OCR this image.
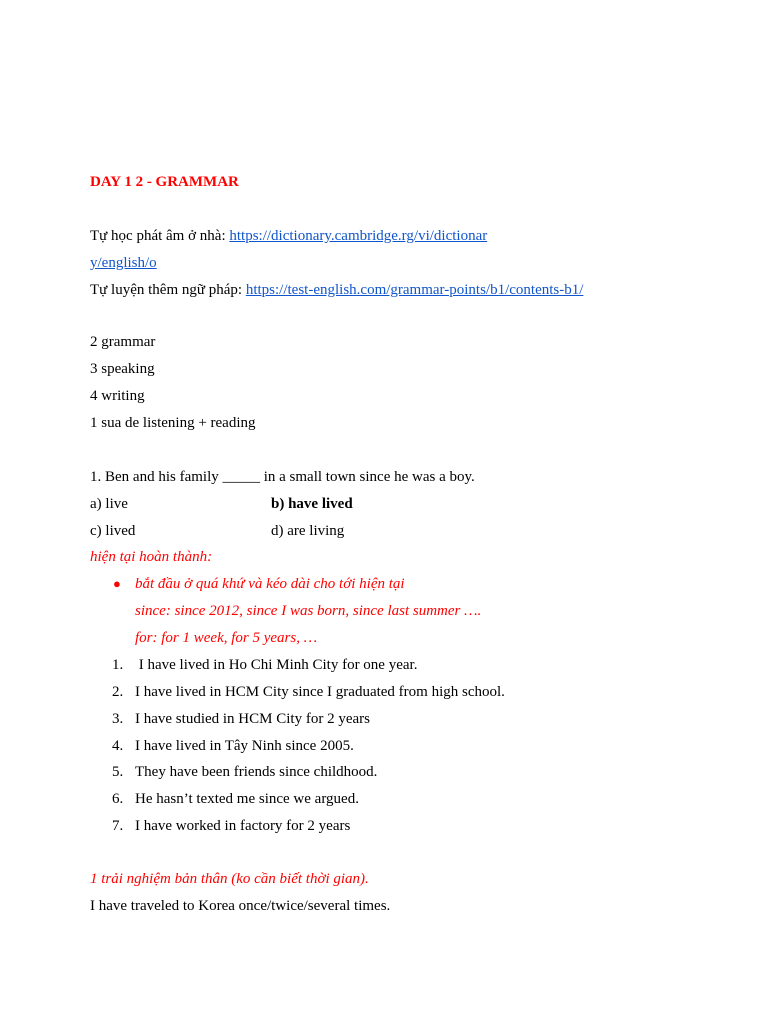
DAY 1 2 - GRAMMAR
Tự học phát âm ở nhà: https://dictionary.cambridge.rg/vi/dictionar
y/english/o
Tự luyện thêm ngữ pháp: https://test-english.com/grammar-points/b1/contents-b1/
2 grammar
3 speaking
4 writing
1 sua de listening + reading
1. Ben and his family _____ in a small town since he was a boy.
a) live	b) have lived
c) lived	d) are living
hiện tại hoàn thành:
● bắt đầu ở quá khứ và kéo dài cho tới hiện tại
since: since 2012, since I was born, since last summer ….
for: for 1 week, for 5 years, …
1. I have lived in Ho Chi Minh City for one year.
2. I have lived in HCM City since I graduated from high school.
3. I have studied in HCM City for 2 years
4. I have lived in Tây Ninh since 2005.
5. They have been friends since childhood.
6. He hasn’t texted me since we argued.
7. I have worked in factory for 2 years
1 trải nghiệm bản thân (ko cần biết thời gian).
I have traveled to Korea once/twice/several times.
